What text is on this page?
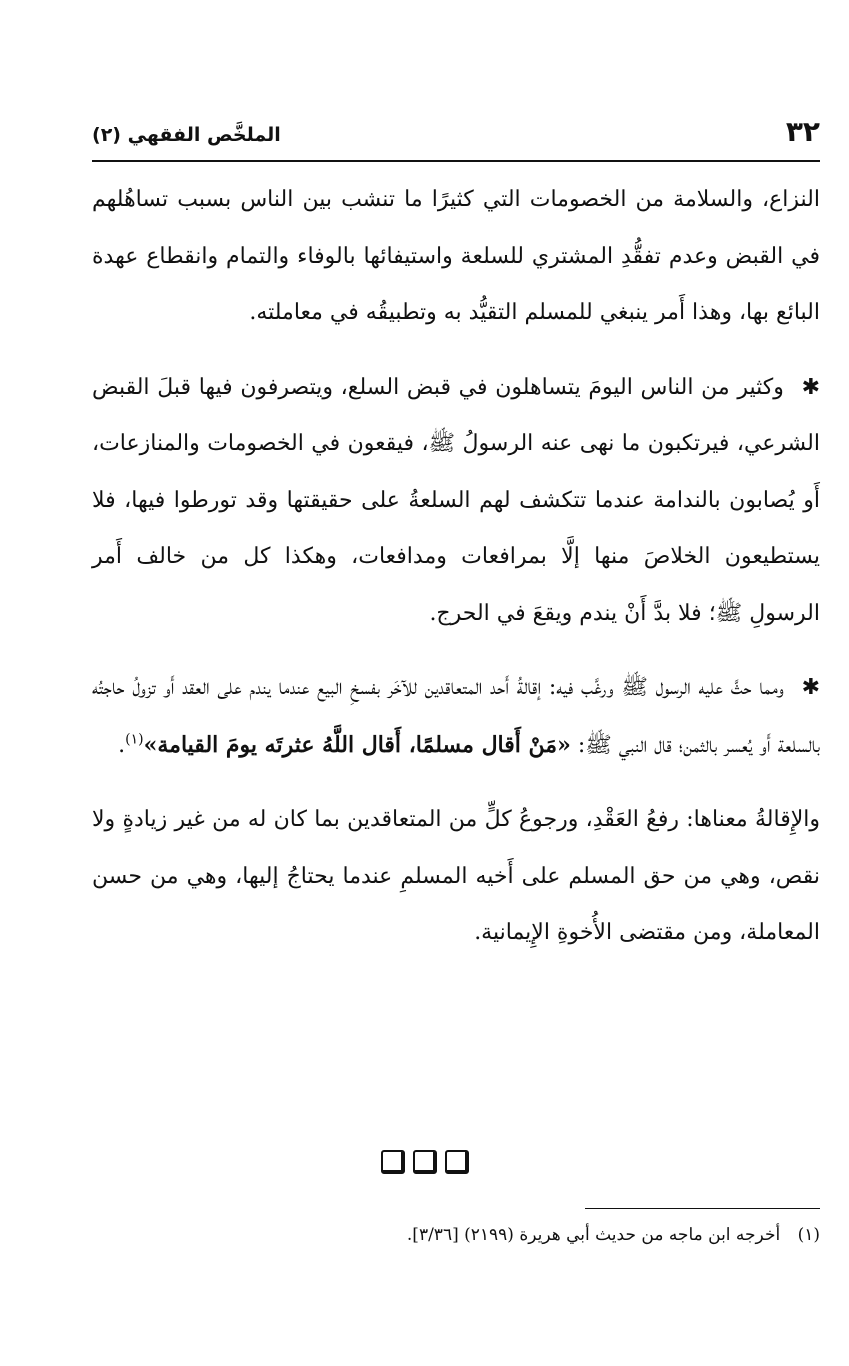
٣٢
الملخَّص الفقهي (٢)

النزاع، والسلامة من الخصومات التي كثيرًا ما تنشب بين الناس بسبب تساهُلهم في القبض وعدم تفقُّدِ المشتري للسلعة واستيفائها بالوفاء والتمام وانقطاع عهدة البائع بها، وهذا أَمر ينبغي للمسلم التقيُّد به وتطبيقُه في معاملته.

✱ وكثير من الناس اليومَ يتساهلون في قبض السلع، ويتصرفون فيها قبلَ القبض الشرعي، فيرتكبون ما نهى عنه الرسولُ ﷺ، فيقعون في الخصومات والمنازعات، أَو يُصابون بالندامة عندما تتكشف لهم السلعةُ على حقيقتها وقد تورطوا فيها، فلا يستطيعون الخلاصَ منها إلَّا بمرافعات ومدافعات، وهكذا كل من خالف أَمر الرسولِ ﷺ؛ فلا بدَّ أَنْ يندم ويقعَ في الحرج.

✱ ومما حثَّ عليه الرسول ﷺ ورغَّب فيه: إقالةُ أَحد المتعاقدين للآخَر بفسخِ البيع عندما يندم على العقد أَو تزولُ حاجتُه بالسلعة أَو يُعسر بالثمن؛ قال النبي ﷺ: «مَنْ أَقال مسلمًا، أَقال اللَّهُ عثرتَه يومَ القيامة»$^{(١)}$.

والإِقالةُ معناها: رفعُ العَقْدِ، ورجوعُ كلٍّ من المتعاقدين بما كان له من غير زيادةٍ ولا نقص، وهي من حق المسلم على أَخيه المسلمِ عندما يحتاجُ إليها، وهي من حسن المعاملة، ومن مقتضى الأُخوةِ الإِيمانية.

(١) أخرجه ابن ماجه من حديث أبي هريرة (٢١٩٩) [٣/٣٦].
